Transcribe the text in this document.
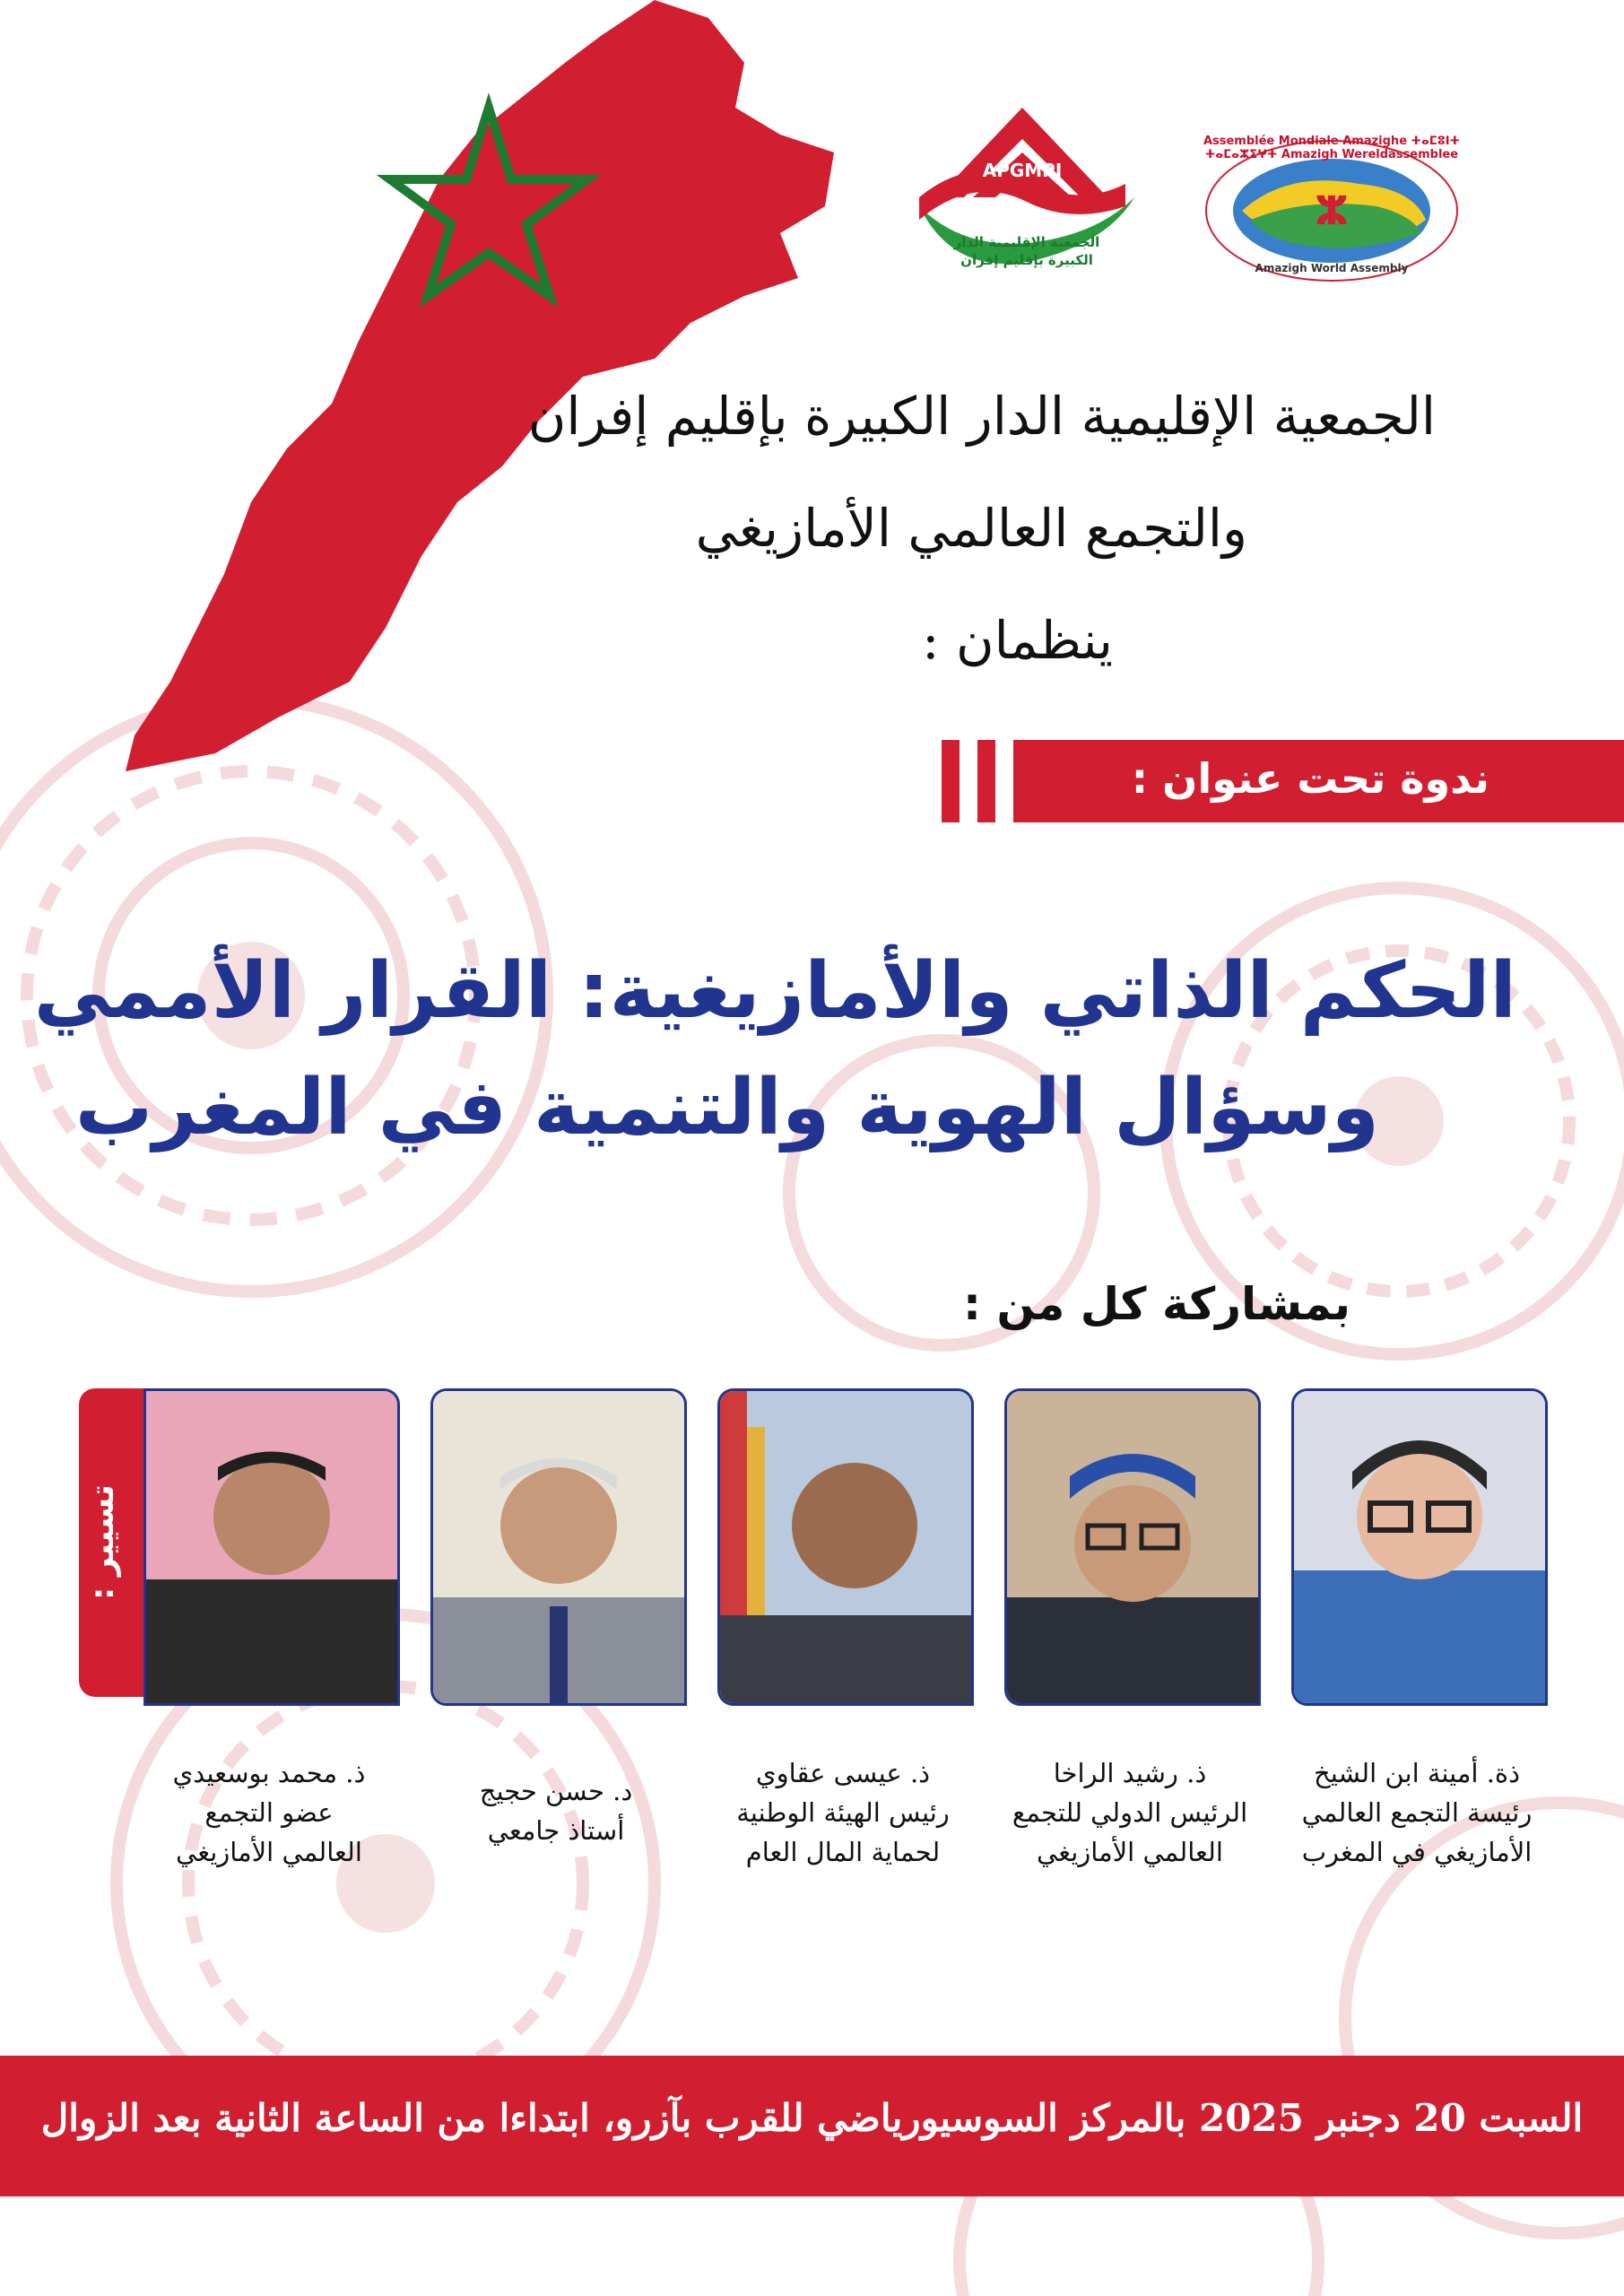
APGMPI
الجمعية الإقليمية الدار الكبيرة بإقليم إفران
ⵣ
Assemblée Mondiale Amazighe ⵜⴰⵎⵓⵏⵜ ⵜⴰⵎⴰⵣⵉⵖⵜ Amazigh Wereldassemblee
Amazigh World Assembly
الجمعية الإقليمية الدار الكبيرة بإقليم إفران
والتجمع العالمي الأمازيغي
ينظمان :
ندوة تحت عنوان :
الحكم الذاتي والأمازيغية: القرار الأممي
وسؤال الهوية والتنمية في المغرب
بمشاركة كل من :
تسيير :
ذة. أمينة ابن الشيخ
رئيسة التجمع العالمي
الأمازيغي في المغرب
ذ. رشيد الراخا
الرئيس الدولي للتجمع
العالمي الأمازيغي
ذ. عيسى عقاوي
رئيس الهيئة الوطنية
لحماية المال العام
د. حسن حجيج
أستاذ جامعي
ذ. محمد بوسعيدي
عضو التجمع
العالمي الأمازيغي
السبت 20 دجنبر 2025 بالمركز السوسيورياضي للقرب بآزرو، ابتداءا من الساعة الثانية بعد الزوال
